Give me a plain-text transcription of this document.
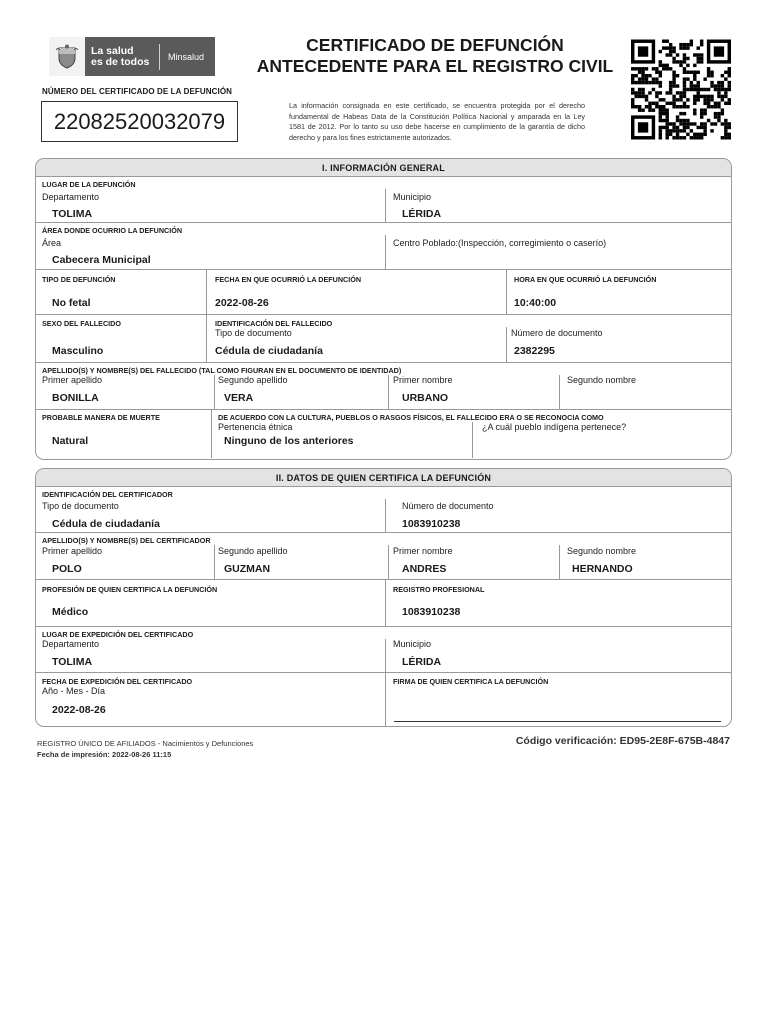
La salud
es de todos	Minsalud
NÚMERO DEL CERTIFICADO DE LA DEFUNCIÓN
22082520032079
CERTIFICADO DE DEFUNCIÓN
ANTECEDENTE PARA EL REGISTRO CIVIL
La información consignada en este certificado, se encuentra protegida por el derecho fundamental de Habeas Data de la Constitución Política Nacional y amparada en la Ley 1581 de 2012. Por lo tanto su uso debe hacerse en cumplimiento de la garantía de dicho derecho y para los fines estrictamente autorizados.
I. INFORMACIÓN GENERAL
LUGAR DE LA DEFUNCIÓN
Departamento
TOLIMA
Municipio
LÉRIDA
ÁREA DONDE OCURRIO LA DEFUNCIÓN
Área
Cabecera Municipal
Centro Poblado:(Inspección, corregimiento o caserío)
TIPO DE DEFUNCIÓN
No fetal
FECHA EN QUE OCURRIÓ LA DEFUNCIÓN
2022-08-26
HORA EN QUE OCURRIÓ LA DEFUNCIÓN
10:40:00
SEXO DEL FALLECIDO
Masculino
IDENTIFICACIÓN DEL FALLECIDO
Tipo de documento
Cédula de ciudadanía
Número de documento
2382295
APELLIDO(S) Y NOMBRE(S) DEL FALLECIDO (TAL COMO FIGURAN EN EL DOCUMENTO DE IDENTIDAD)
Primer apellido
BONILLA
Segundo apellido
VERA
Primer nombre
URBANO
Segundo nombre
PROBABLE MANERA DE MUERTE
Natural
DE ACUERDO CON LA CULTURA, PUEBLOS O RASGOS FÍSICOS, EL FALLECIDO ERA O SE RECONOCIA COMO
Pertenencia étnica
Ninguno de los anteriores
¿A cuál pueblo indígena pertenece?
II. DATOS DE QUIEN CERTIFICA LA DEFUNCIÓN
IDENTIFICACIÓN DEL CERTIFICADOR
Tipo de documento
Cédula de ciudadanía
Número de documento
1083910238
APELLIDO(S) Y NOMBRE(S) DEL CERTIFICADOR
Primer apellido
POLO
Segundo apellido
GUZMAN
Primer nombre
ANDRES
Segundo nombre
HERNANDO
PROFESIÓN DE QUIEN CERTIFICA LA DEFUNCIÓN
Médico
REGISTRO PROFESIONAL
1083910238
LUGAR DE EXPEDICIÓN DEL CERTIFICADO
Departamento
TOLIMA
Municipio
LÉRIDA
FECHA DE EXPEDICIÓN DEL CERTIFICADO
Año - Mes - Día
2022-08-26
FIRMA DE QUIEN CERTIFICA LA DEFUNCIÓN
REGISTRO ÚNICO DE AFILIADOS - Nacimientos y Defunciones
Fecha de impresión: 2022-08-26 11:15
Código verificación: ED95-2E8F-675B-4847
